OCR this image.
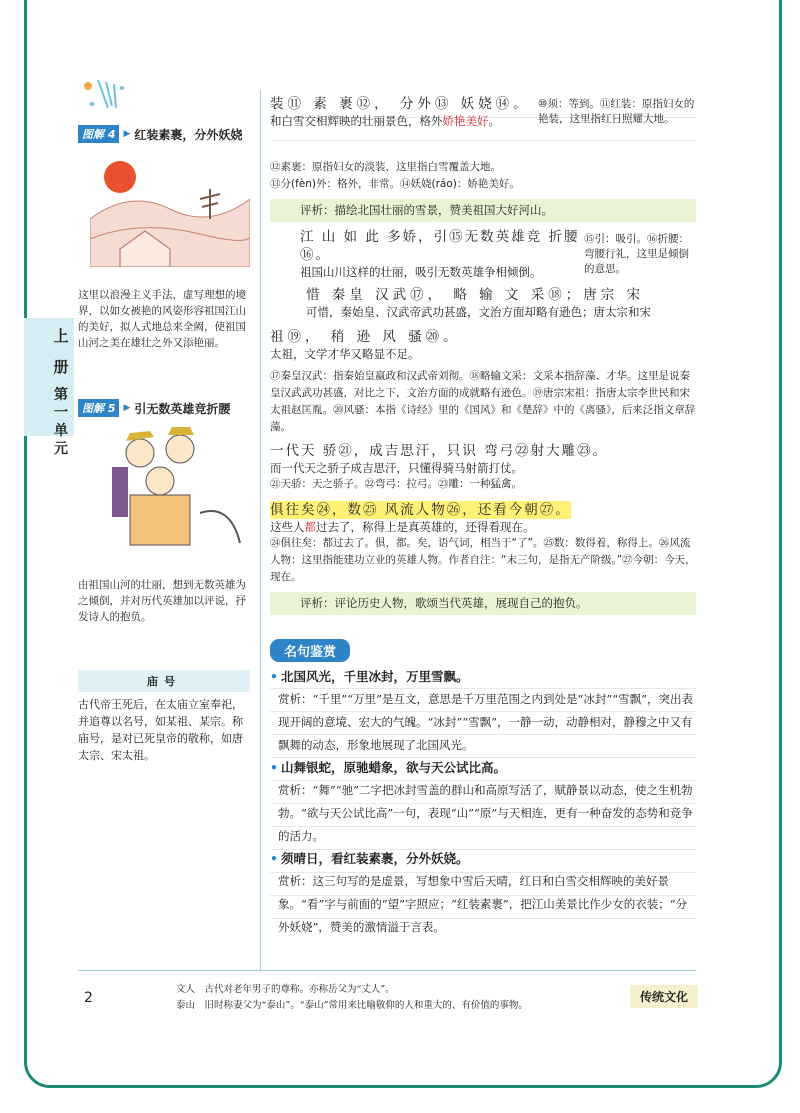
上
册
第一单元
图解 4 ▶ 红装素裹，分外妖娆
这里以浪漫主义手法，虚写理想的境界，以如女被艳的风姿形容祖国江山的美好，拟人式地总来全阙，使祖国山河之美在雄壮之外又添艳丽。
图解 5 ▶ 引无数英雄竞折腰
由祖国山河的壮丽，想到无数英雄为之倾倒，并对历代英雄加以评说，抒发诗人的抱负。
庙号
古代帝王死后，在太庙立室奉祀，并追尊以名号，如某祖、某宗。称庙号，是对已死皇帝的敬称，如唐太宗、宋太祖。
装⑪ 素 裹⑫， 分外⑬ 妖娆⑭。
和白雪交相辉映的壮丽景色，格外娇艳美好。
⑩须：等到。⑪红装：原指妇女的艳装，这里指红日照耀大地。
⑫素裹：原指妇女的淡装，这里指白雪覆盖大地。
⑬分(fèn)外：格外，非常。⑭妖娆(ráo)：娇艳美好。
评析：描绘北国壮丽的雪景，赞美祖国大好河山。
江 山 如 此 多娇，引⑮无数英雄竞 折腰⑯。
祖国山川这样的壮丽，吸引无数英雄争相倾倒。
⑮引：吸引。⑯折腰：弯腰行礼，这里是倾倒的意思。
惜 秦皇 汉武⑰， 略 输 文 采⑱；唐宗 宋
可惜，秦始皇、汉武帝武功甚盛，文治方面却略有逊色；唐太宗和宋
祖⑲， 稍 逊 风 骚⑳。
太祖，文学才华又略显不足。
⑰秦皇汉武：指秦始皇嬴政和汉武帝刘彻。⑱略输文采：文采本指辞藻、才华。这里是说秦皇汉武武功甚盛，对比之下，文治方面的成就略有逊色。⑲唐宗宋祖：指唐太宗李世民和宋太祖赵匡胤。⑳风骚：本指《诗经》里的《国风》和《楚辞》中的《离骚》，后来泛指文章辞藻。
一代天 骄㉑，成吉思汗，只识 弯弓㉒射大雕㉓。
而一代天之骄子成吉思汗，只懂得骑马射箭打仗。
㉑天骄：天之骄子。㉒弯弓：拉弓。㉓雕：一种猛禽。
俱往矣㉔，数㉕ 风流人物㉖，还看今朝㉗。
这些人都过去了，称得上是真英雄的，还得看现在。
㉔俱往矣：都过去了。俱，都。矣，语气词，相当于“了”。㉕数：数得着，称得上。㉖风流人物：这里指能建功立业的英雄人物。作者自注：“末三句，是指无产阶级。”㉗今朝：今天，现在。
评析：评论历史人物，歌颂当代英雄，展现自己的抱负。
名句鉴赏
• 北国风光，千里冰封，万里雪飘。
赏析：“千里”“万里”是互文，意思是千万里范围之内到处是“冰封”“雪飘”，突出表现开阔的意境、宏大的气魄。“冰封”“雪飘”，一静一动，动静相对，静穆之中又有飘舞的动态，形象地展现了北国风光。
• 山舞银蛇，原驰蜡象，欲与天公试比高。
赏析：“舞”“驰”二字把冰封雪盖的群山和高原写活了，赋静景以动态，使之生机勃勃。“欲与天公试比高”一句，表现“山”“原”与天相连，更有一种奋发的态势和竞争的活力。
• 须晴日，看红装素裹，分外妖娆。
赏析：这三句写的是虚景，写想象中雪后天晴，红日和白雪交相辉映的美好景象。“看”字与前面的“望”字照应；“红装素裹”，把江山美景比作少女的衣装；“分外妖娆”，赞美的激情溢于言表。
2
文人　古代对老年男子的尊称。亦称岳父为“丈人”。
泰山　旧时称妻父为“泰山”。“泰山”常用来比喻敬仰的人和重大的、有价值的事物。
传统文化
